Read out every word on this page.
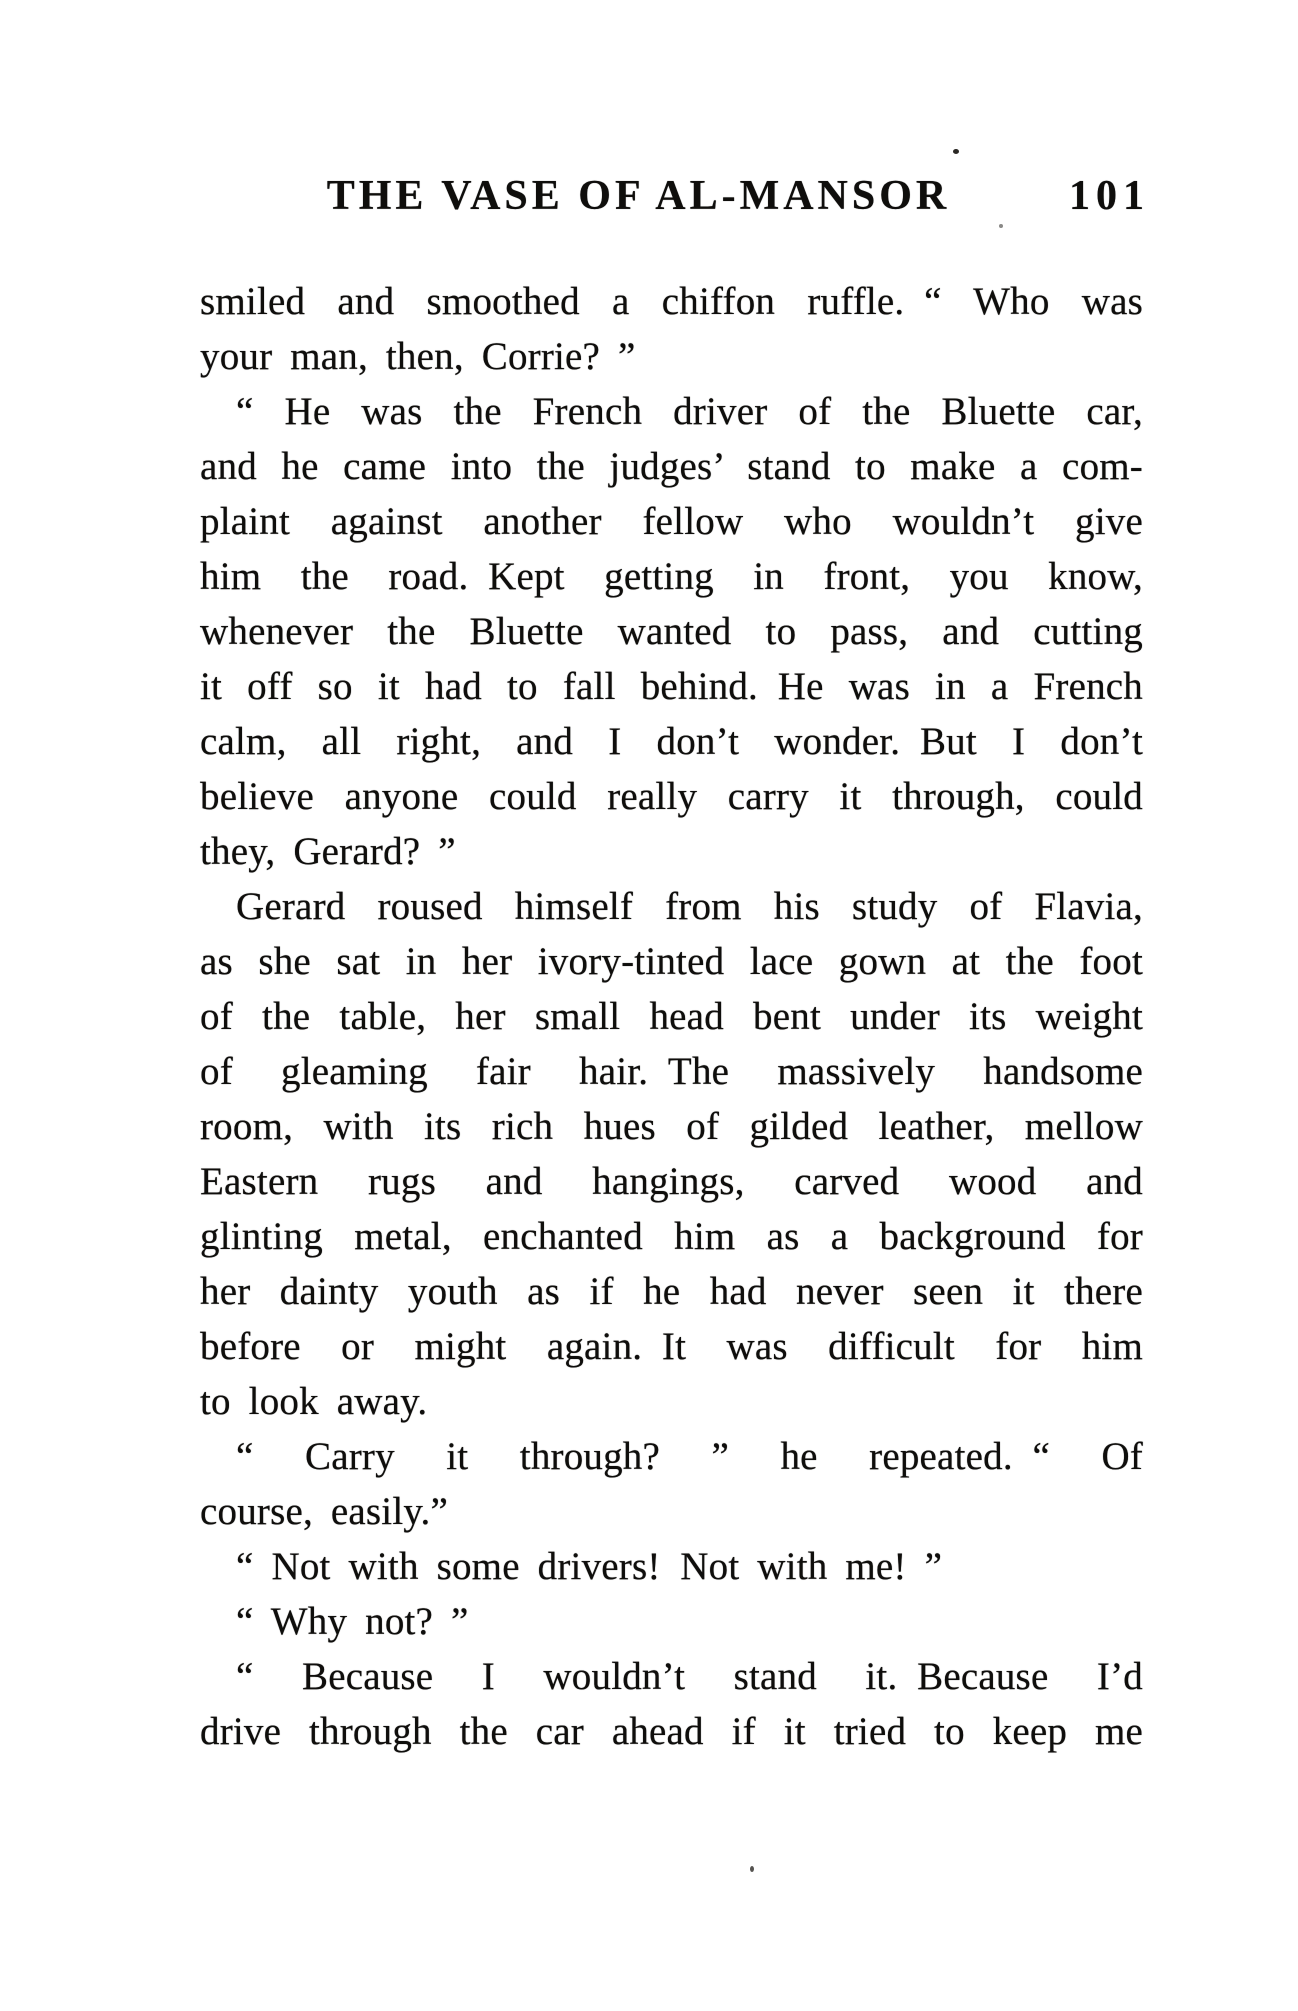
THE VASE OF AL-MANSOR	101
smiled and smoothed a chiffon ruffle. “ Who was
your man, then, Corrie? ”
“ He was the French driver of the Bluette car,
and he came into the judges’ stand to make a com-
plaint against another fellow who wouldn’t give
him the road. Kept getting in front, you know,
whenever the Bluette wanted to pass, and cutting
it off so it had to fall behind. He was in a French
calm, all right, and I don’t wonder. But I don’t
believe anyone could really carry it through, could
they, Gerard? ”
Gerard roused himself from his study of Flavia,
as she sat in her ivory-tinted lace gown at the foot
of the table, her small head bent under its weight
of gleaming fair hair. The massively handsome
room, with its rich hues of gilded leather, mellow
Eastern rugs and hangings, carved wood and
glinting metal, enchanted him as a background for
her dainty youth as if he had never seen it there
before or might again. It was difficult for him
to look away.
“ Carry it through? ” he repeated. “ Of
course, easily.”
“ Not with some drivers! Not with me! ”
“ Why not? ”
“ Because I wouldn’t stand it. Because I’d
drive through the car ahead if it tried to keep me
